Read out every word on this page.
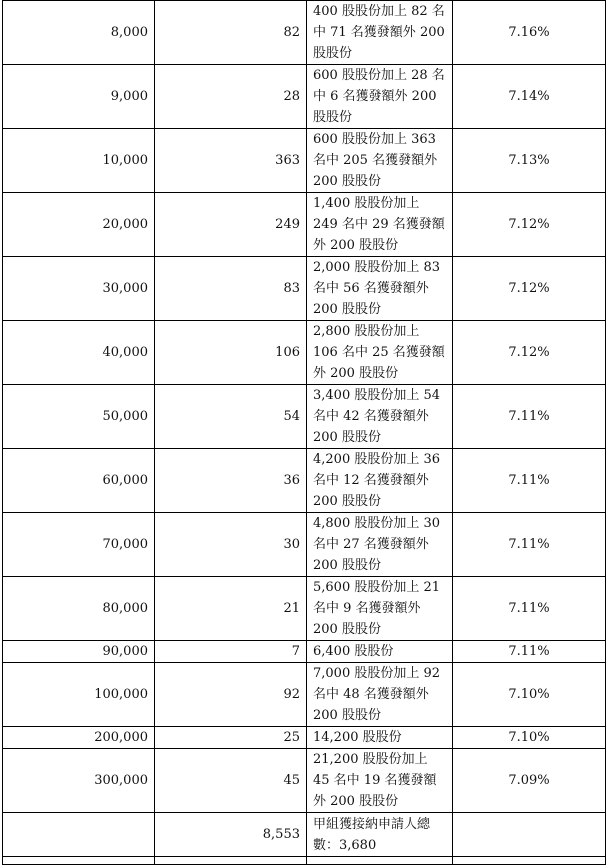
8,000	82	400 股股份加上 82 名中 71 名獲發額外 200 股股份	7.16%
9,000	28	600 股股份加上 28 名中 6 名獲發額外 200 股股份	7.14%
10,000	363	600 股股份加上 363 名中 205 名獲發額外 200 股股份	7.13%
20,000	249	1,400 股股份加上 249 名中 29 名獲發額外 200 股股份	7.12%
30,000	83	2,000 股股份加上 83 名中 56 名獲發額外 200 股股份	7.12%
40,000	106	2,800 股股份加上 106 名中 25 名獲發額外 200 股股份	7.12%
50,000	54	3,400 股股份加上 54 名中 42 名獲發額外 200 股股份	7.11%
60,000	36	4,200 股股份加上 36 名中 12 名獲發額外 200 股股份	7.11%
70,000	30	4,800 股股份加上 30 名中 27 名獲發額外 200 股股份	7.11%
80,000	21	5,600 股股份加上 21 名中 9 名獲發額外 200 股股份	7.11%
90,000	7	6,400 股股份	7.11%
100,000	92	7,000 股股份加上 92 名中 48 名獲發額外 200 股股份	7.10%
200,000	25	14,200 股股份	7.10%
300,000	45	21,200 股股份加上 45 名中 19 名獲發額外 200 股股份	7.09%
	8,553	甲組獲接納申請人總數：3,680	
